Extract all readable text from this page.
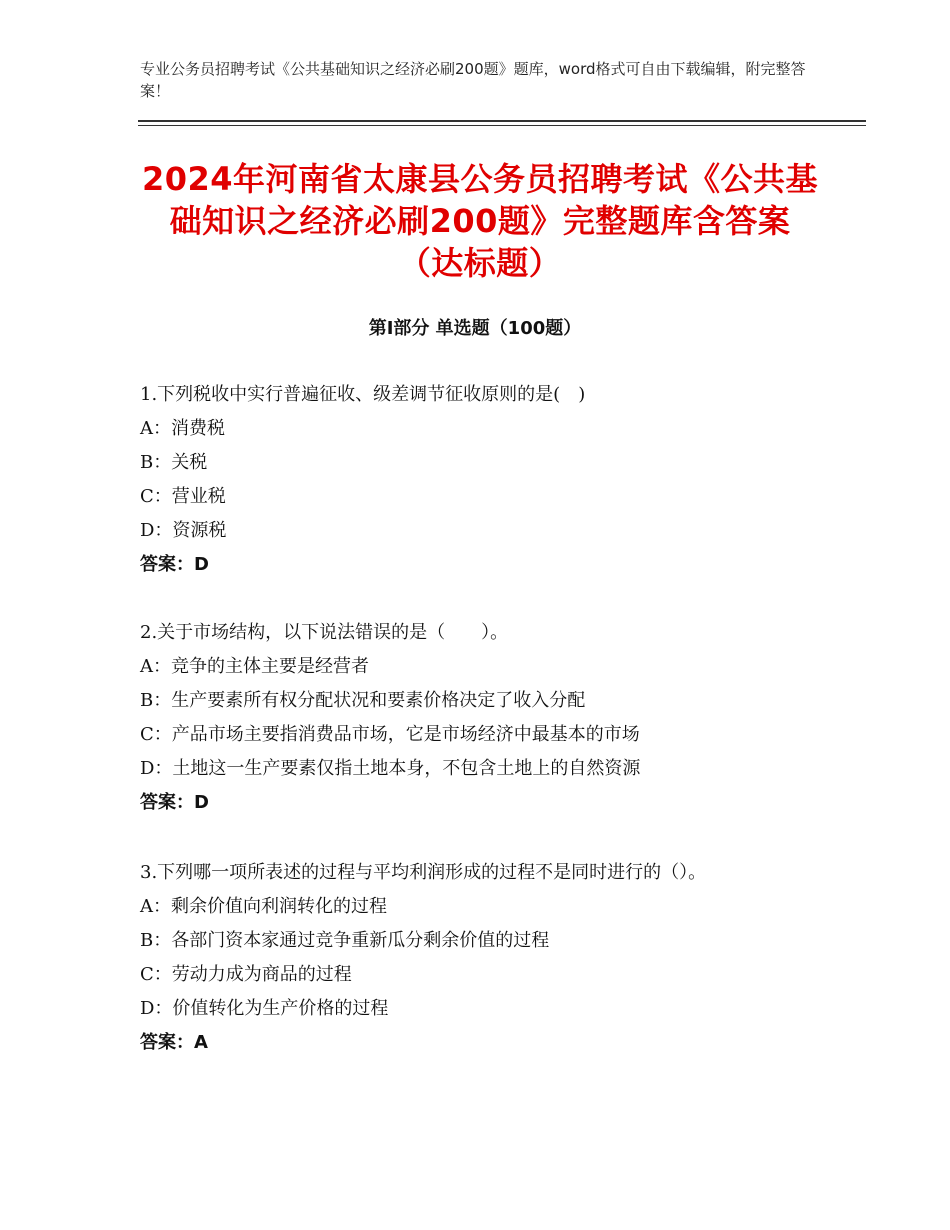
专业公务员招聘考试《公共基础知识之经济必刷200题》题库，word格式可自由下载编辑，附完整答案！
2024年河南省太康县公务员招聘考试《公共基础知识之经济必刷200题》完整题库含答案（达标题）
第Ⅰ部分 单选题（100题）
1.下列税收中实行普遍征收、级差调节征收原则的是(　)
A：消费税
B：关税
C：营业税
D：资源税
答案：D
2.关于市场结构，以下说法错误的是（　　）。
A：竞争的主体主要是经营者
B：生产要素所有权分配状况和要素价格决定了收入分配
C：产品市场主要指消费品市场，它是市场经济中最基本的市场
D：土地这一生产要素仅指土地本身，不包含土地上的自然资源
答案：D
3.下列哪一项所表述的过程与平均利润形成的过程不是同时进行的（）。
A：剩余价值向利润转化的过程
B：各部门资本家通过竞争重新瓜分剩余价值的过程
C：劳动力成为商品的过程
D：价值转化为生产价格的过程
答案：A
